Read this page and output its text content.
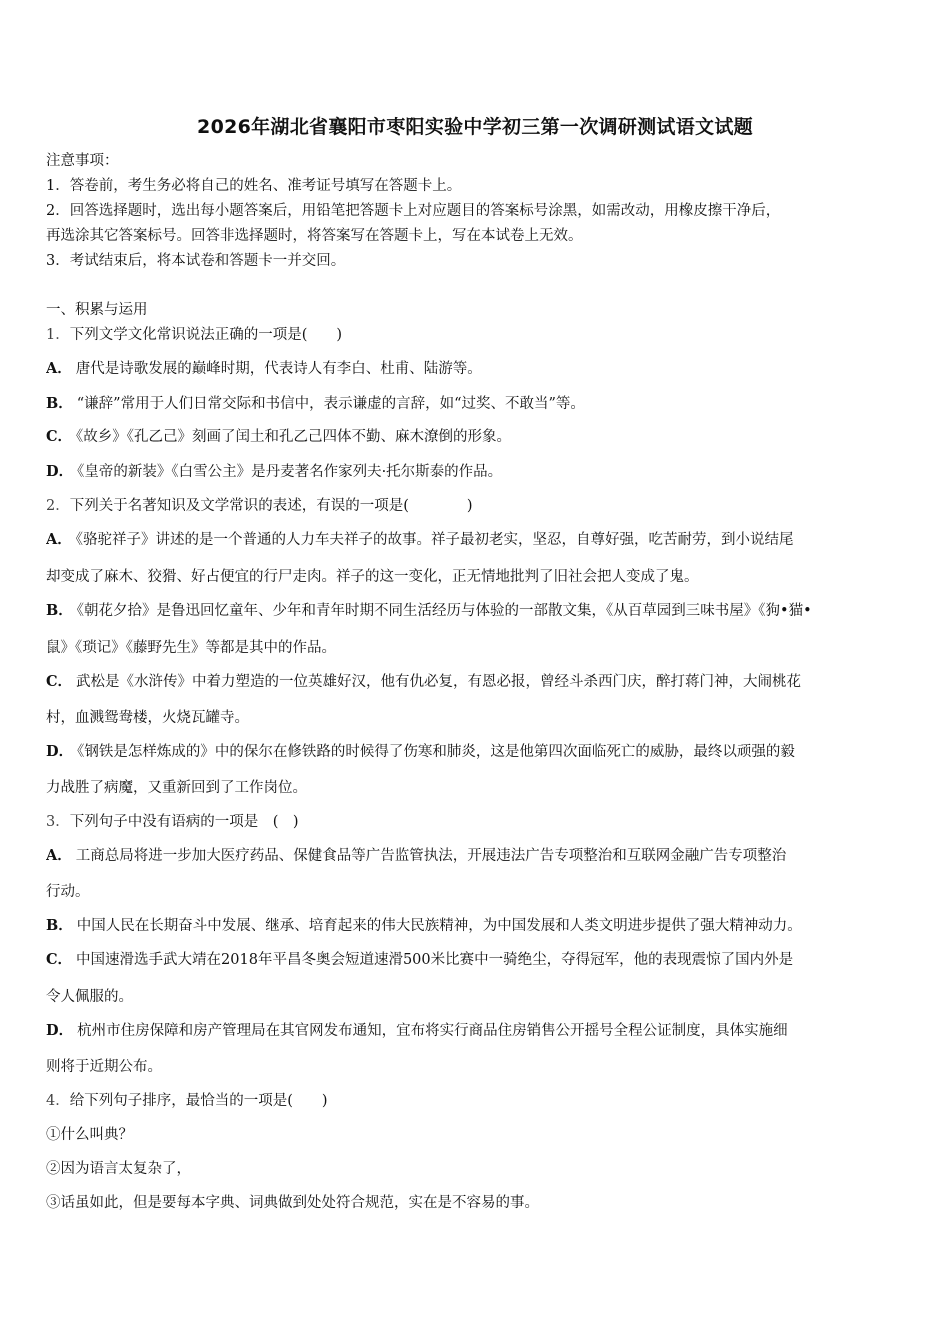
2026年湖北省襄阳市枣阳实验中学初三第一次调研测试语文试题
注意事项：
1．答卷前，考生务必将自己的姓名、准考证号填写在答题卡上。
2．回答选择题时，选出每小题答案后，用铅笔把答题卡上对应题目的答案标号涂黑，如需改动，用橡皮擦干净后，
再选涂其它答案标号。回答非选择题时，将答案写在答题卡上，写在本试卷上无效。
3．考试结束后，将本试卷和答题卡一并交回。
一、积累与运用
1．下列文学文化常识说法正确的一项是(　　)
A． 唐代是诗歌发展的巅峰时期，代表诗人有李白、杜甫、陆游等。
B． “谦辞”常用于人们日常交际和书信中，表示谦虚的言辞，如“过奖、不敢当”等。
C． 《故乡》《孔乙己》刻画了闰土和孔乙己四体不勤、麻木潦倒的形象。
D． 《皇帝的新装》《白雪公主》是丹麦著名作家列夫·托尔斯泰的作品。
2．下列关于名著知识及文学常识的表述，有误的一项是(　　　　)
A． 《骆驼祥子》讲述的是一个普通的人力车夫祥子的故事。祥子最初老实，坚忍，自尊好强，吃苦耐劳，到小说结尾
却变成了麻木、狡猾、好占便宜的行尸走肉。祥子的这一变化，正无情地批判了旧社会把人变成了鬼。
B． 《朝花夕拾》是鲁迅回忆童年、少年和青年时期不同生活经历与体验的一部散文集，《从百草园到三味书屋》《狗•猫•
鼠》《琐记》《藤野先生》等都是其中的作品。
C． 武松是《水浒传》中着力塑造的一位英雄好汉，他有仇必复，有恩必报，曾经斗杀西门庆，醉打蒋门神，大闹桃花
村，血溅鸳鸯楼，火烧瓦罐寺。
D． 《钢铁是怎样炼成的》中的保尔在修铁路的时候得了伤寒和肺炎，这是他第四次面临死亡的威胁，最终以顽强的毅
力战胜了病魔，又重新回到了工作岗位。
3．下列句子中没有语病的一项是　(　)
A． 工商总局将进一步加大医疗药品、保健食品等广告监管执法，开展违法广告专项整治和互联网金融广告专项整治
行动。
B． 中国人民在长期奋斗中发展、继承、培育起来的伟大民族精神，为中国发展和人类文明进步提供了强大精神动力。
C． 中国速滑选手武大靖在2018年平昌冬奥会短道速滑500米比赛中一骑绝尘，夺得冠军，他的表现震惊了国内外是
令人佩服的。
D． 杭州市住房保障和房产管理局在其官网发布通知，宜布将实行商品住房销售公开摇号全程公证制度，具体实施细
则将于近期公布。
4．给下列句子排序，最恰当的一项是(　　)
①什么叫典？
②因为语言太复杂了，
③话虽如此，但是要每本字典、词典做到处处符合规范，实在是不容易的事。
